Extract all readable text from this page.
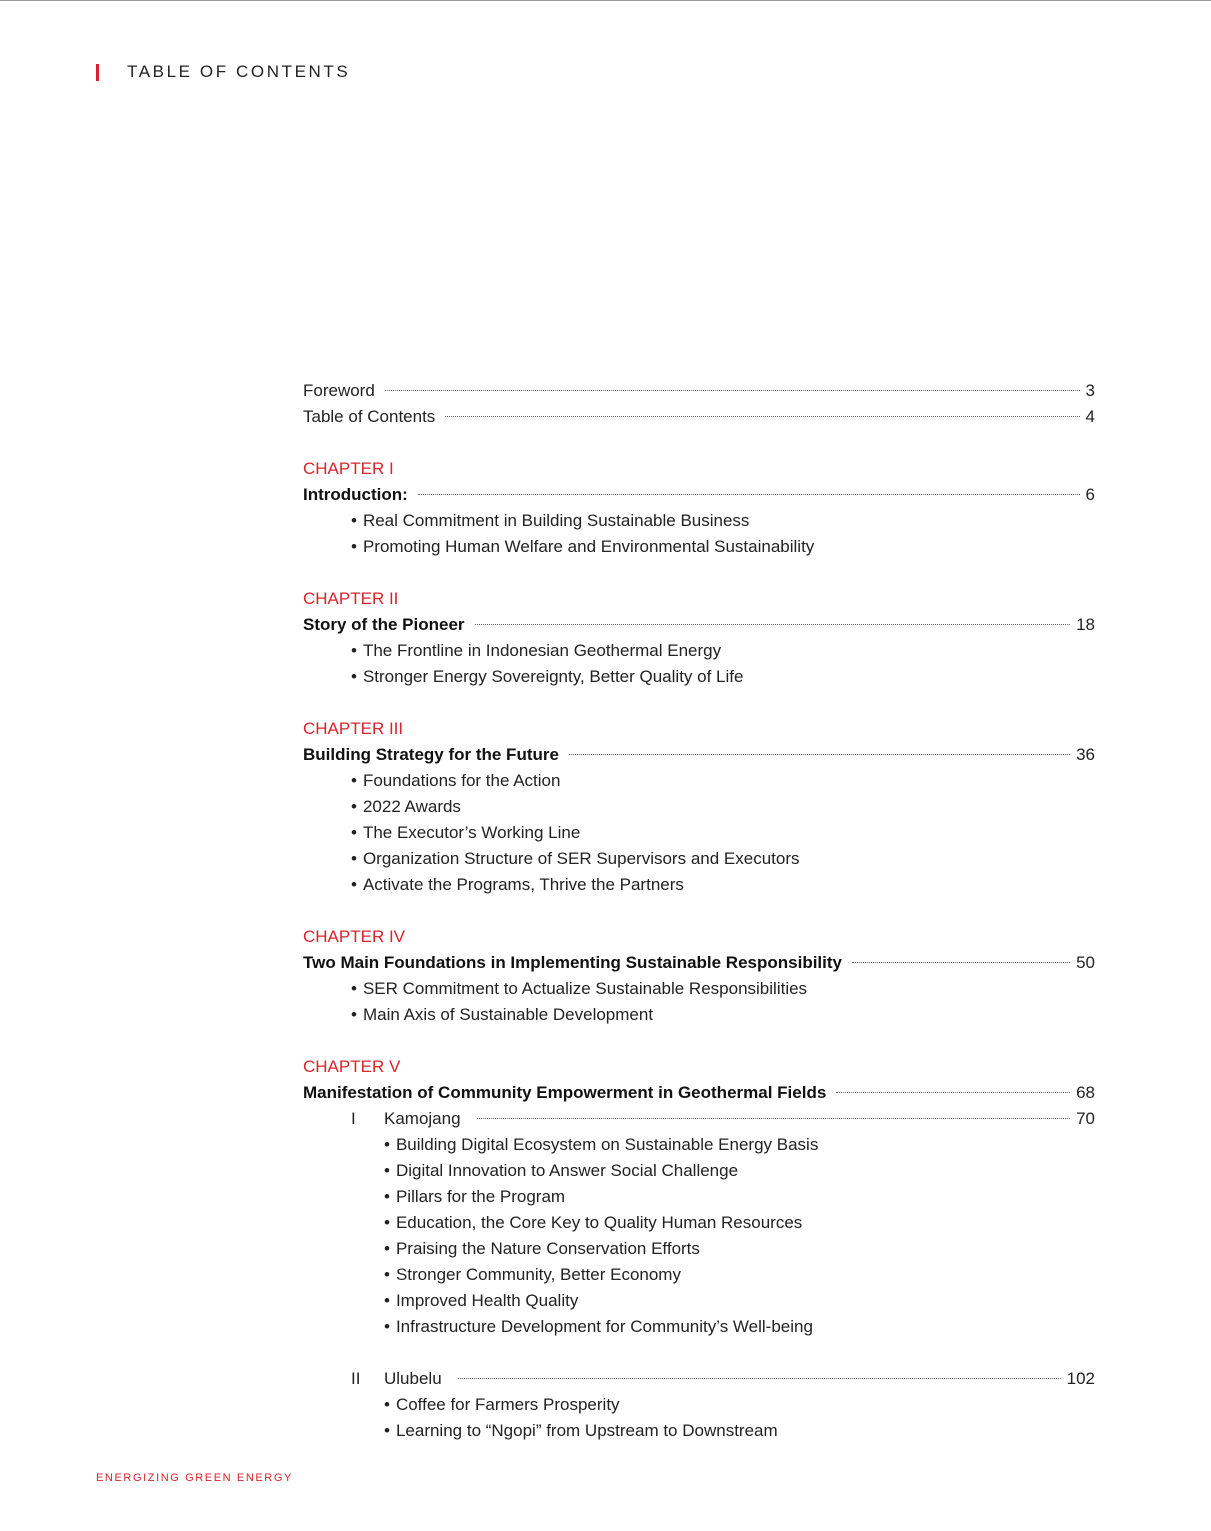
TABLE OF CONTENTS
Foreword	3
Table of Contents	4
CHAPTER I
Introduction:	6
• Real Commitment in Building Sustainable Business
• Promoting Human Welfare and Environmental Sustainability
CHAPTER II
Story of the Pioneer	18
• The Frontline in Indonesian Geothermal Energy
• Stronger Energy Sovereignty, Better Quality of Life
CHAPTER III
Building Strategy for the Future	36
• Foundations for the Action
• 2022 Awards
• The Executor’s Working Line
• Organization Structure of SER Supervisors and Executors
• Activate the Programs, Thrive the Partners
CHAPTER IV
Two Main Foundations in Implementing Sustainable Responsibility	50
• SER Commitment to Actualize Sustainable Responsibilities
• Main Axis of Sustainable Development
CHAPTER V
Manifestation of Community Empowerment in Geothermal Fields	68
I	Kamojang	70
• Building Digital Ecosystem on Sustainable Energy Basis
• Digital Innovation to Answer Social Challenge
• Pillars for the Program
• Education, the Core Key to Quality Human Resources
• Praising the Nature Conservation Efforts
• Stronger Community, Better Economy
• Improved Health Quality
• Infrastructure Development for Community’s Well-being
II	Ulubelu	102
• Coffee for Farmers Prosperity
• Learning to “Ngopi” from Upstream to Downstream
ENERGIZING GREEN ENERGY
